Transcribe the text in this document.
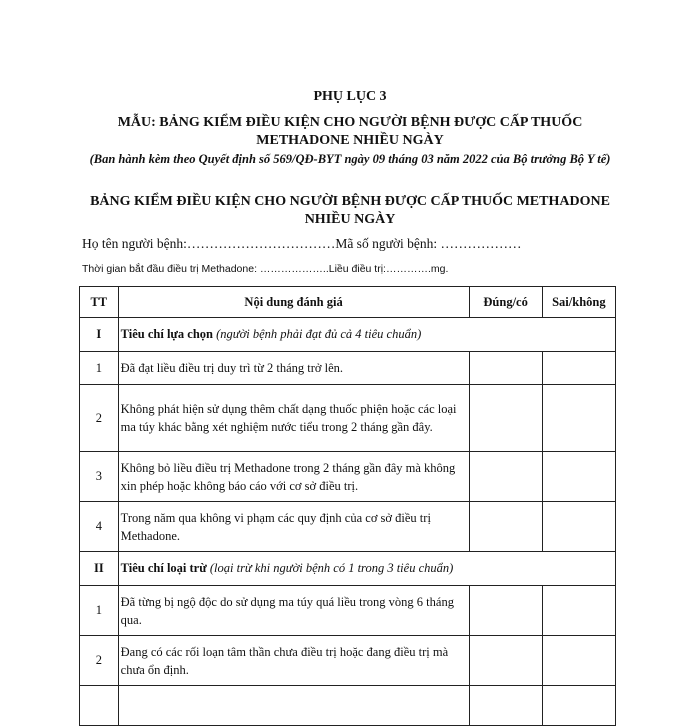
PHỤ LỤC 3
MẪU: BẢNG KIỂM ĐIỀU KIỆN CHO NGƯỜI BỆNH ĐƯỢC CẤP THUỐC METHADONE NHIỀU NGÀY
(Ban hành kèm theo Quyết định số 569/QĐ-BYT ngày 09 tháng 03 năm 2022 của Bộ trưởng Bộ Y tế)
BẢNG KIỂM ĐIỀU KIỆN CHO NGƯỜI BỆNH ĐƯỢC CẤP THUỐC METHADONE NHIỀU NGÀY
Họ tên người bệnh:……………………………Mã số người bệnh: ………………
Thời gian bắt đầu điều trị Methadone: ………………..Liều điều trị:………….mg.
TT	Nội dung đánh giá	Đúng/có	Sai/không
I	Tiêu chí lựa chọn (người bệnh phải đạt đủ cả 4 tiêu chuẩn)		
1	Đã đạt liều điều trị duy trì từ 2 tháng trở lên.		
2	Không phát hiện sử dụng thêm chất dạng thuốc phiện hoặc các loại ma túy khác bằng xét nghiệm nước tiểu trong 2 tháng gần đây.		
3	Không bỏ liều điều trị Methadone trong 2 tháng gần đây mà không xin phép hoặc không báo cáo với cơ sở điều trị.		
4	Trong năm qua không vi phạm các quy định của cơ sở điều trị Methadone.		
II	Tiêu chí loại trừ (loại trừ khi người bệnh có 1 trong 3 tiêu chuẩn)		
1	Đã từng bị ngộ độc do sử dụng ma túy quá liều trong vòng 6 tháng qua.		
2	Đang có các rối loạn tâm thần chưa điều trị hoặc đang điều trị mà chưa ổn định.		
